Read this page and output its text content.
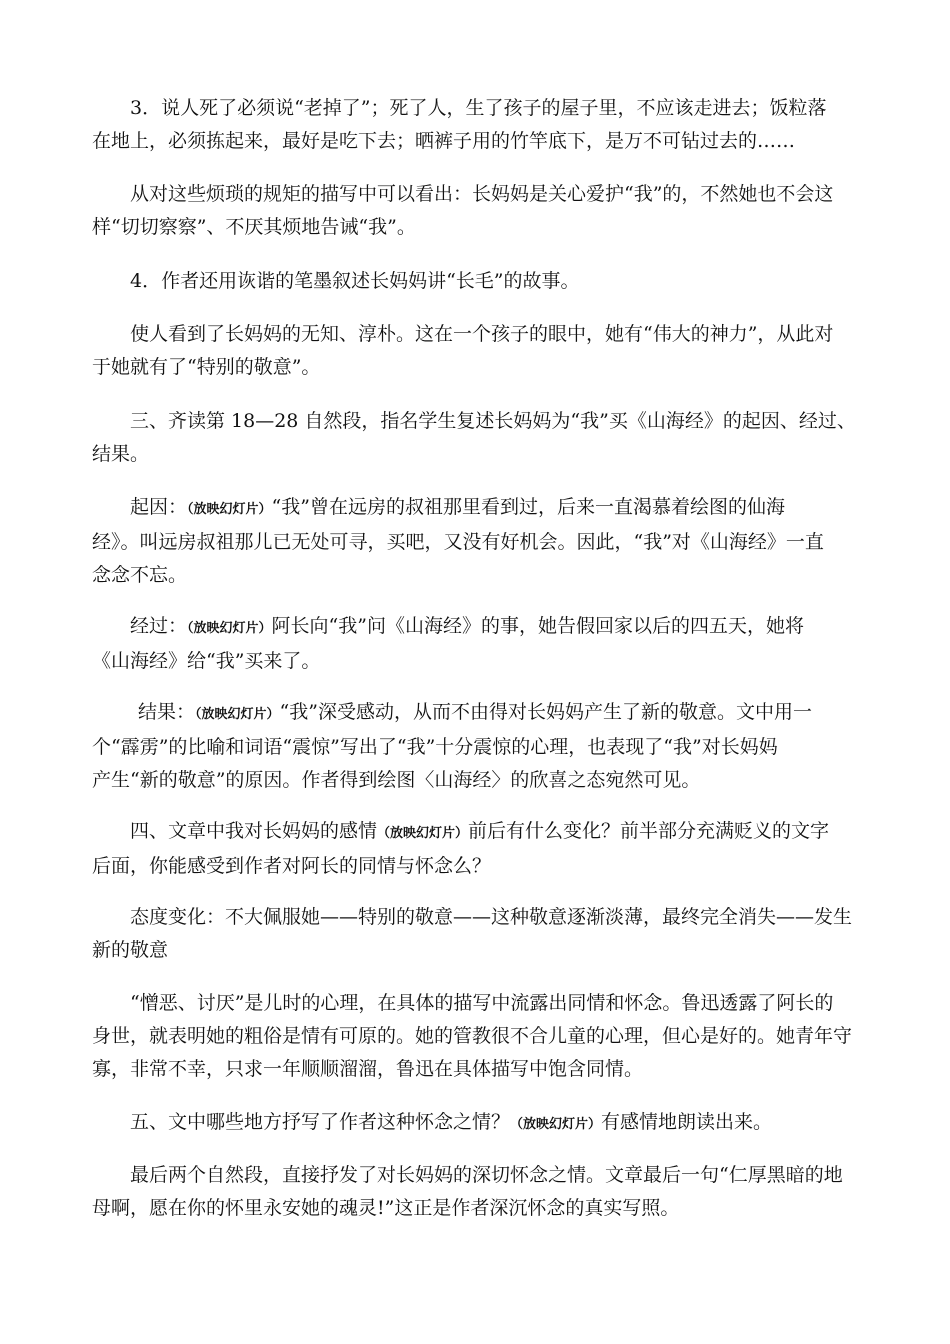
3．说人死了必须说“老掉了”；死了人，生了孩子的屋子里，不应该走进去；饭粒落
在地上，必须拣起来，最好是吃下去；晒裤子用的竹竿底下，是万不可钻过去的……

从对这些烦琐的规矩的描写中可以看出：长妈妈是关心爱护“我”的，不然她也不会这
样“切切察察”、不厌其烦地告诫“我”。

4．作者还用诙谐的笔墨叙述长妈妈讲“长毛”的故事。

使人看到了长妈妈的无知、淳朴。这在一个孩子的眼中，她有“伟大的神力”，从此对
于她就有了“特别的敬意”。

三、齐读第 18—28 自然段，指名学生复述长妈妈为“我”买《山海经》的起因、经过、
结果。

起因：（放映幻灯片）“我”曾在远房的叔祖那里看到过，后来一直渴慕着绘图的仙海
经》。叫远房叔祖那儿已无处可寻，买吧，又没有好机会。因此，“我”对《山海经》一直
念念不忘。

经过：（放映幻灯片）阿长向“我”问《山海经》的事，她告假回家以后的四五天，她将
《山海经》给“我”买来了。

结果：（放映幻灯片）“我”深受感动，从而不由得对长妈妈产生了新的敬意。文中用一
个“霹雳”的比喻和词语“震惊”写出了“我”十分震惊的心理，也表现了“我”对长妈妈
产生“新的敬意”的原因。作者得到绘图〈山海经〉的欣喜之态宛然可见。

四、文章中我对长妈妈的感情（放映幻灯片）前后有什么变化？前半部分充满贬义的文字
后面，你能感受到作者对阿长的同情与怀念么？

态度变化：不大佩服她——特别的敬意——这种敬意逐渐淡薄，最终完全消失——发生
新的敬意

“憎恶、讨厌”是儿时的心理，在具体的描写中流露出同情和怀念。鲁迅透露了阿长的
身世，就表明她的粗俗是情有可原的。她的管教很不合儿童的心理，但心是好的。她青年守
寡，非常不幸，只求一年顺顺溜溜，鲁迅在具体描写中饱含同情。

五、文中哪些地方抒写了作者这种怀念之情？（放映幻灯片）有感情地朗读出来。

最后两个自然段，直接抒发了对长妈妈的深切怀念之情。文章最后一句“仁厚黑暗的地
母啊，愿在你的怀里永安她的魂灵!”这正是作者深沉怀念的真实写照。
